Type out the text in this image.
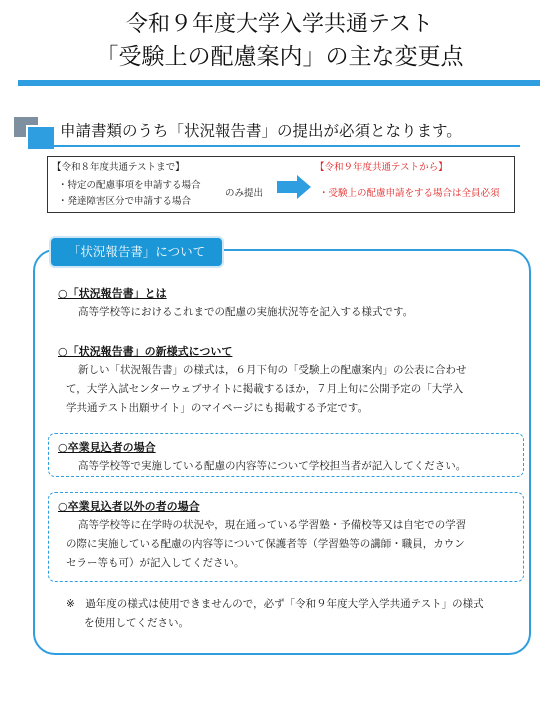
令和９年度大学入学共通テスト
「受験上の配慮案内」の主な変更点
申請書類のうち「状況報告書」の提出が必須となります。
【令和８年度共通テストまで】
・特定の配慮事項を申請する場合
・発達障害区分で申請する場合
のみ提出
【令和９年度共通テストから】
・受験上の配慮申請をする場合は全員必須
「状況報告書」について
○「状況報告書」とは
高等学校等におけるこれまでの配慮の実施状況等を記入する様式です。
○「状況報告書」の新様式について
新しい「状況報告書」の様式は，６月下旬の「受験上の配慮案内」の公表に合わせ
て，大学入試センターウェブサイトに掲載するほか，７月上旬に公開予定の「大学入
学共通テスト出願サイト」のマイページにも掲載する予定です。
○卒業見込者の場合
高等学校等で実施している配慮の内容等について学校担当者が記入してください。
○卒業見込者以外の者の場合
高等学校等に在学時の状況や，現在通っている学習塾・予備校等又は自宅での学習
の際に実施している配慮の内容等について保護者等（学習塾等の講師・職員，カウン
セラー等も可）が記入してください。
※　過年度の様式は使用できませんので，必ず「令和９年度大学入学共通テスト」の様式
を使用してください。
